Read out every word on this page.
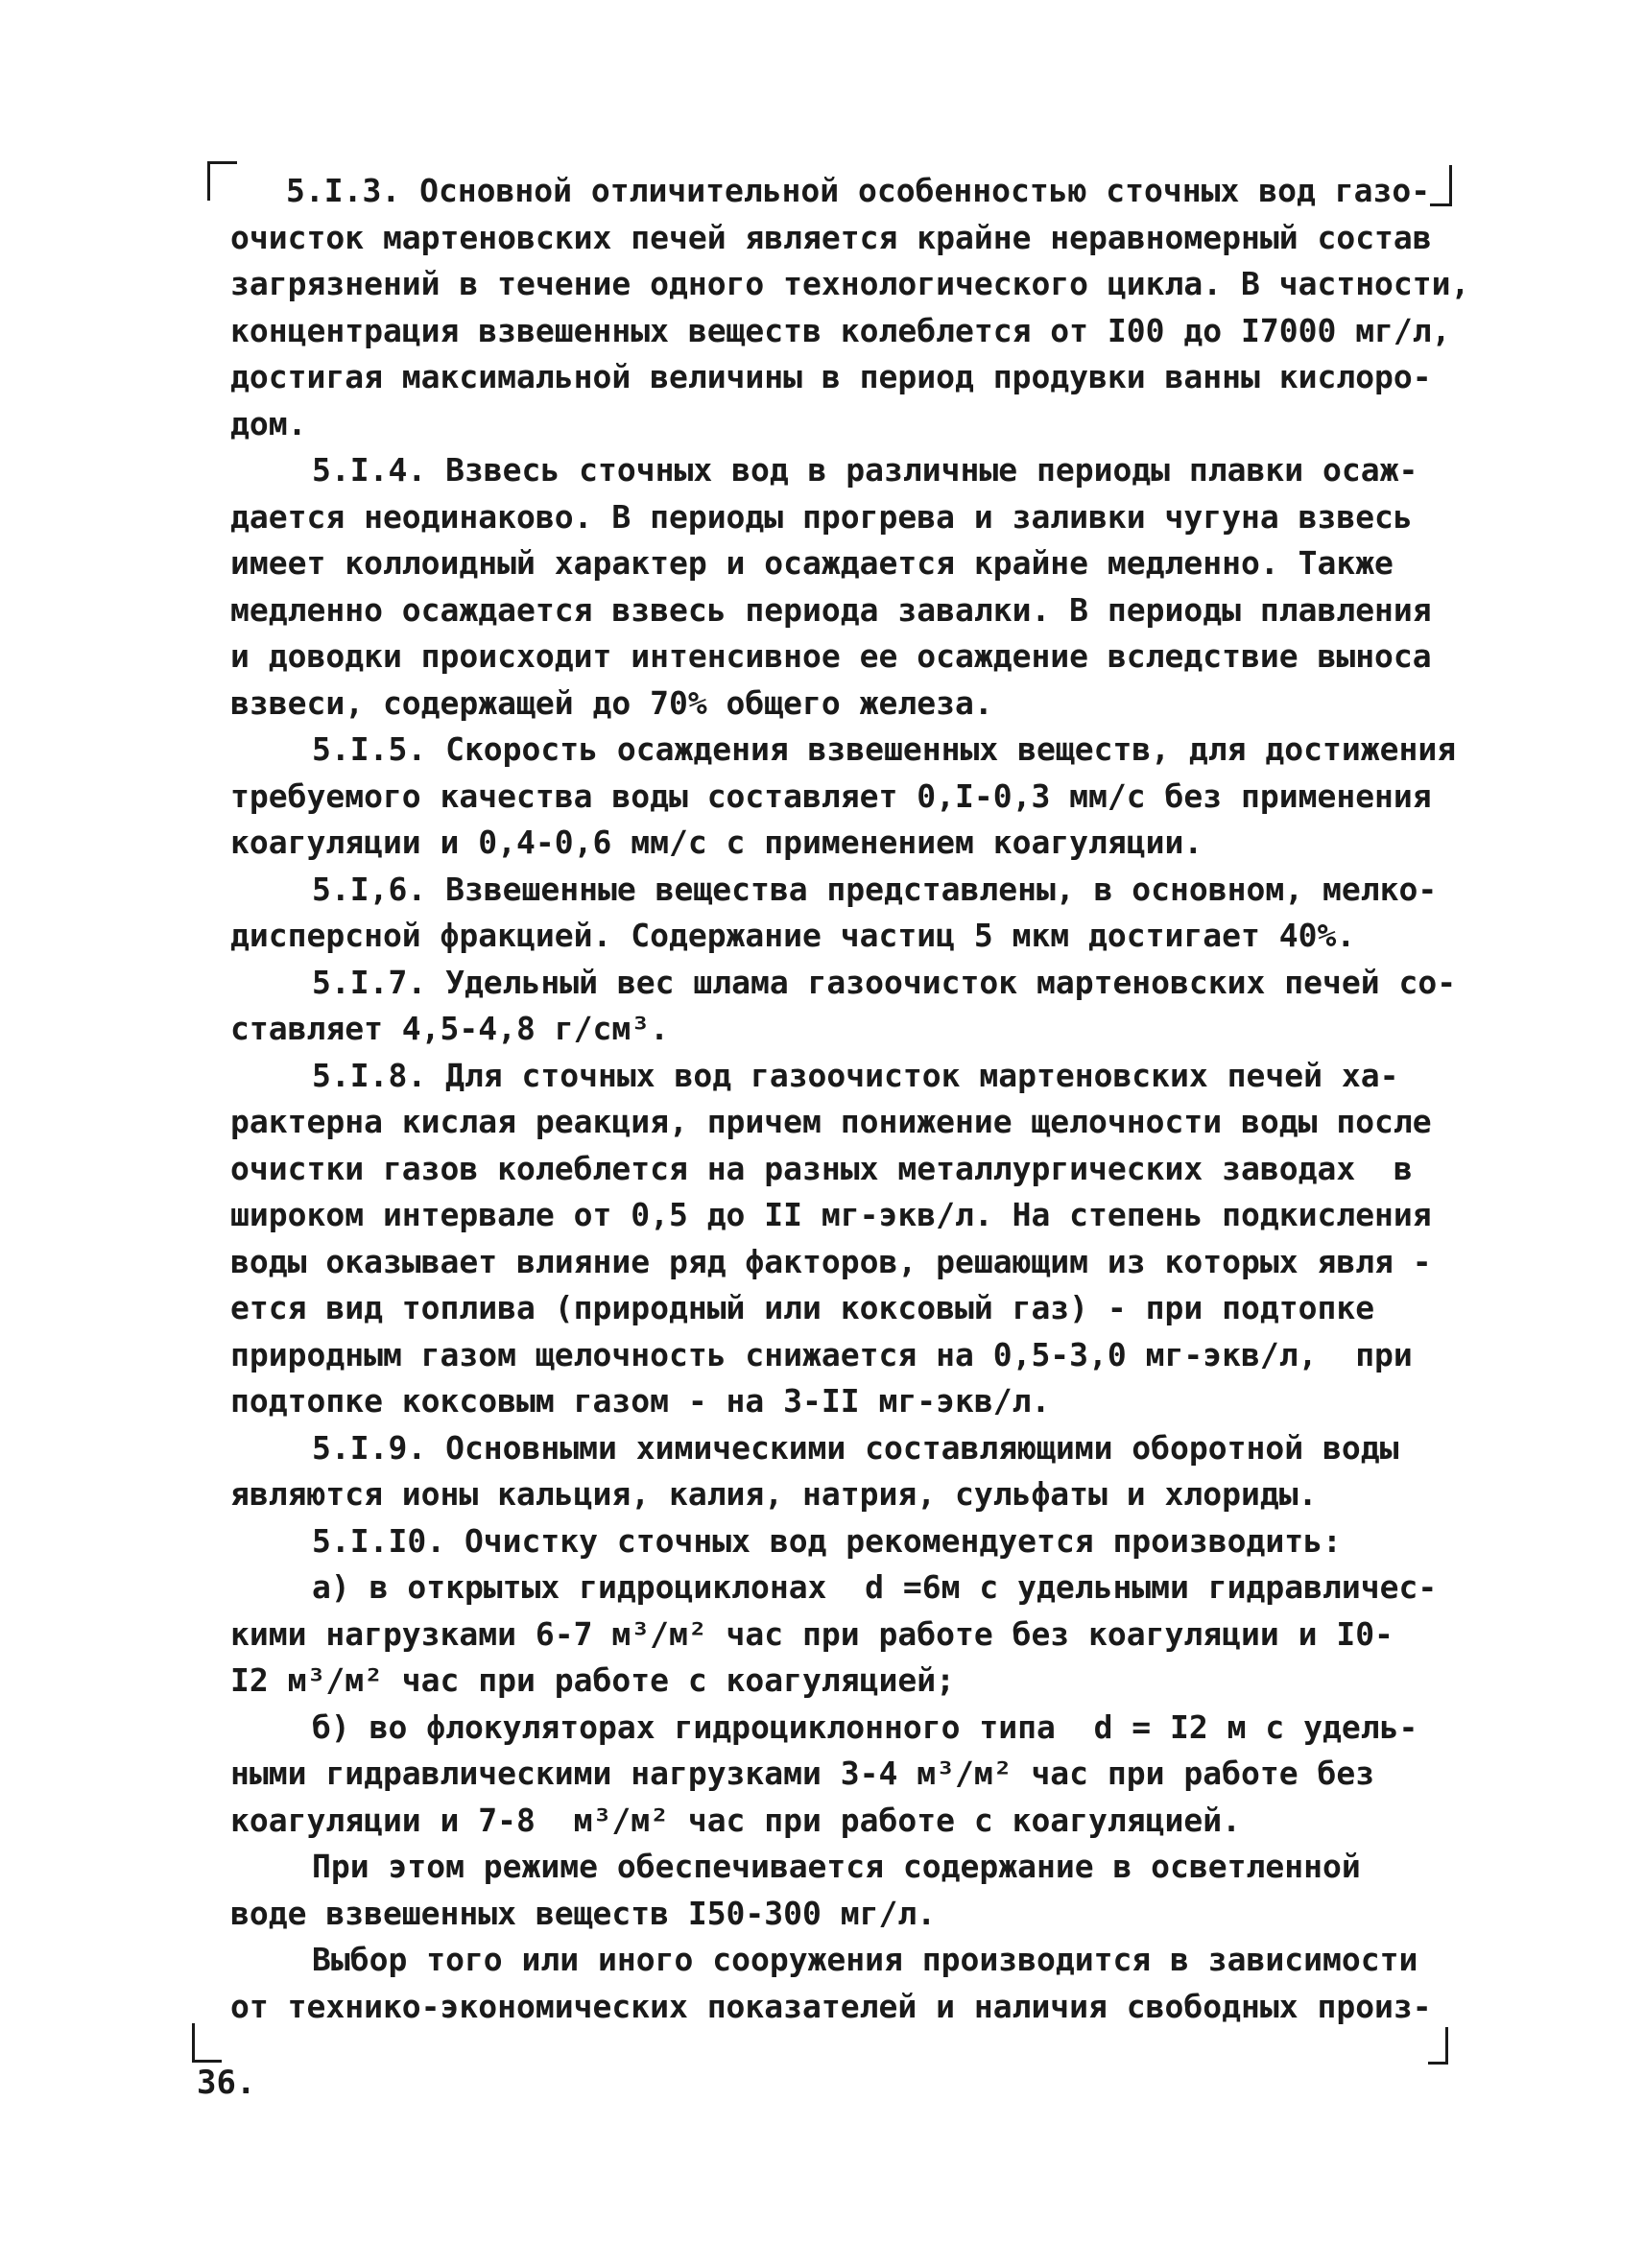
5.I.3. Основной отличительной особенностью сточных вод газо-
очисток мартеновских печей является крайне неравномерный состав
загрязнений в течение одного технологического цикла. В частности,
концентрация взвешенных веществ колеблется от I00 до I7000 мг/л,
достигая максимальной величины в период продувки ванны кислоро-
дом.
5.I.4. Взвесь сточных вод в различные периоды плавки осаж-
дается неодинаково. В периоды прогрева и заливки чугуна взвесь
имеет коллоидный характер и осаждается крайне медленно. Также
медленно осаждается взвесь периода завалки. В периоды плавления
и доводки происходит интенсивное ее осаждение вследствие выноса
взвеси, содержащей до 70% общего железа.
5.I.5. Скорость осаждения взвешенных веществ, для достижения
требуемого качества воды составляет 0,I-0,3 мм/с без применения
коагуляции и 0,4-0,6 мм/с с применением коагуляции.
5.I,6. Взвешенные вещества представлены, в основном, мелко-
дисперсной фракцией. Содержание частиц 5 мкм достигает 40%.
5.I.7. Удельный вес шлама газоочисток мартеновских печей со-
ставляет 4,5-4,8 г/см³.
5.I.8. Для сточных вод газоочисток мартеновских печей ха-
рактерна кислая реакция, причем понижение щелочности воды после
очистки газов колеблется на разных металлургических заводах  в
широком интервале от 0,5 до II мг-экв/л. На степень подкисления
воды оказывает влияние ряд факторов, решающим из которых явля -
ется вид топлива (природный или коксовый газ) - при подтопке
природным газом щелочность снижается на 0,5-3,0 мг-экв/л,  при
подтопке коксовым газом - на 3-II мг-экв/л.
5.I.9. Основными химическими составляющими оборотной воды
являются ионы кальция, калия, натрия, сульфаты и хлориды.
5.I.I0. Очистку сточных вод рекомендуется производить:
а) в открытых гидроциклонах  d =6м с удельными гидравличес-
кими нагрузками 6-7 м³/м² час при работе без коагуляции и I0-
I2 м³/м² час при работе с коагуляцией;
б) во флокуляторах гидроциклонного типа  d = I2 м с удель-
ными гидравлическими нагрузками 3-4 м³/м² час при работе без
коагуляции и 7-8  м³/м² час при работе с коагуляцией.
При этом режиме обеспечивается содержание в осветленной
воде взвешенных веществ I50-300 мг/л.
Выбор того или иного сооружения производится в зависимости
от технико-экономических показателей и наличия свободных произ-
36.
